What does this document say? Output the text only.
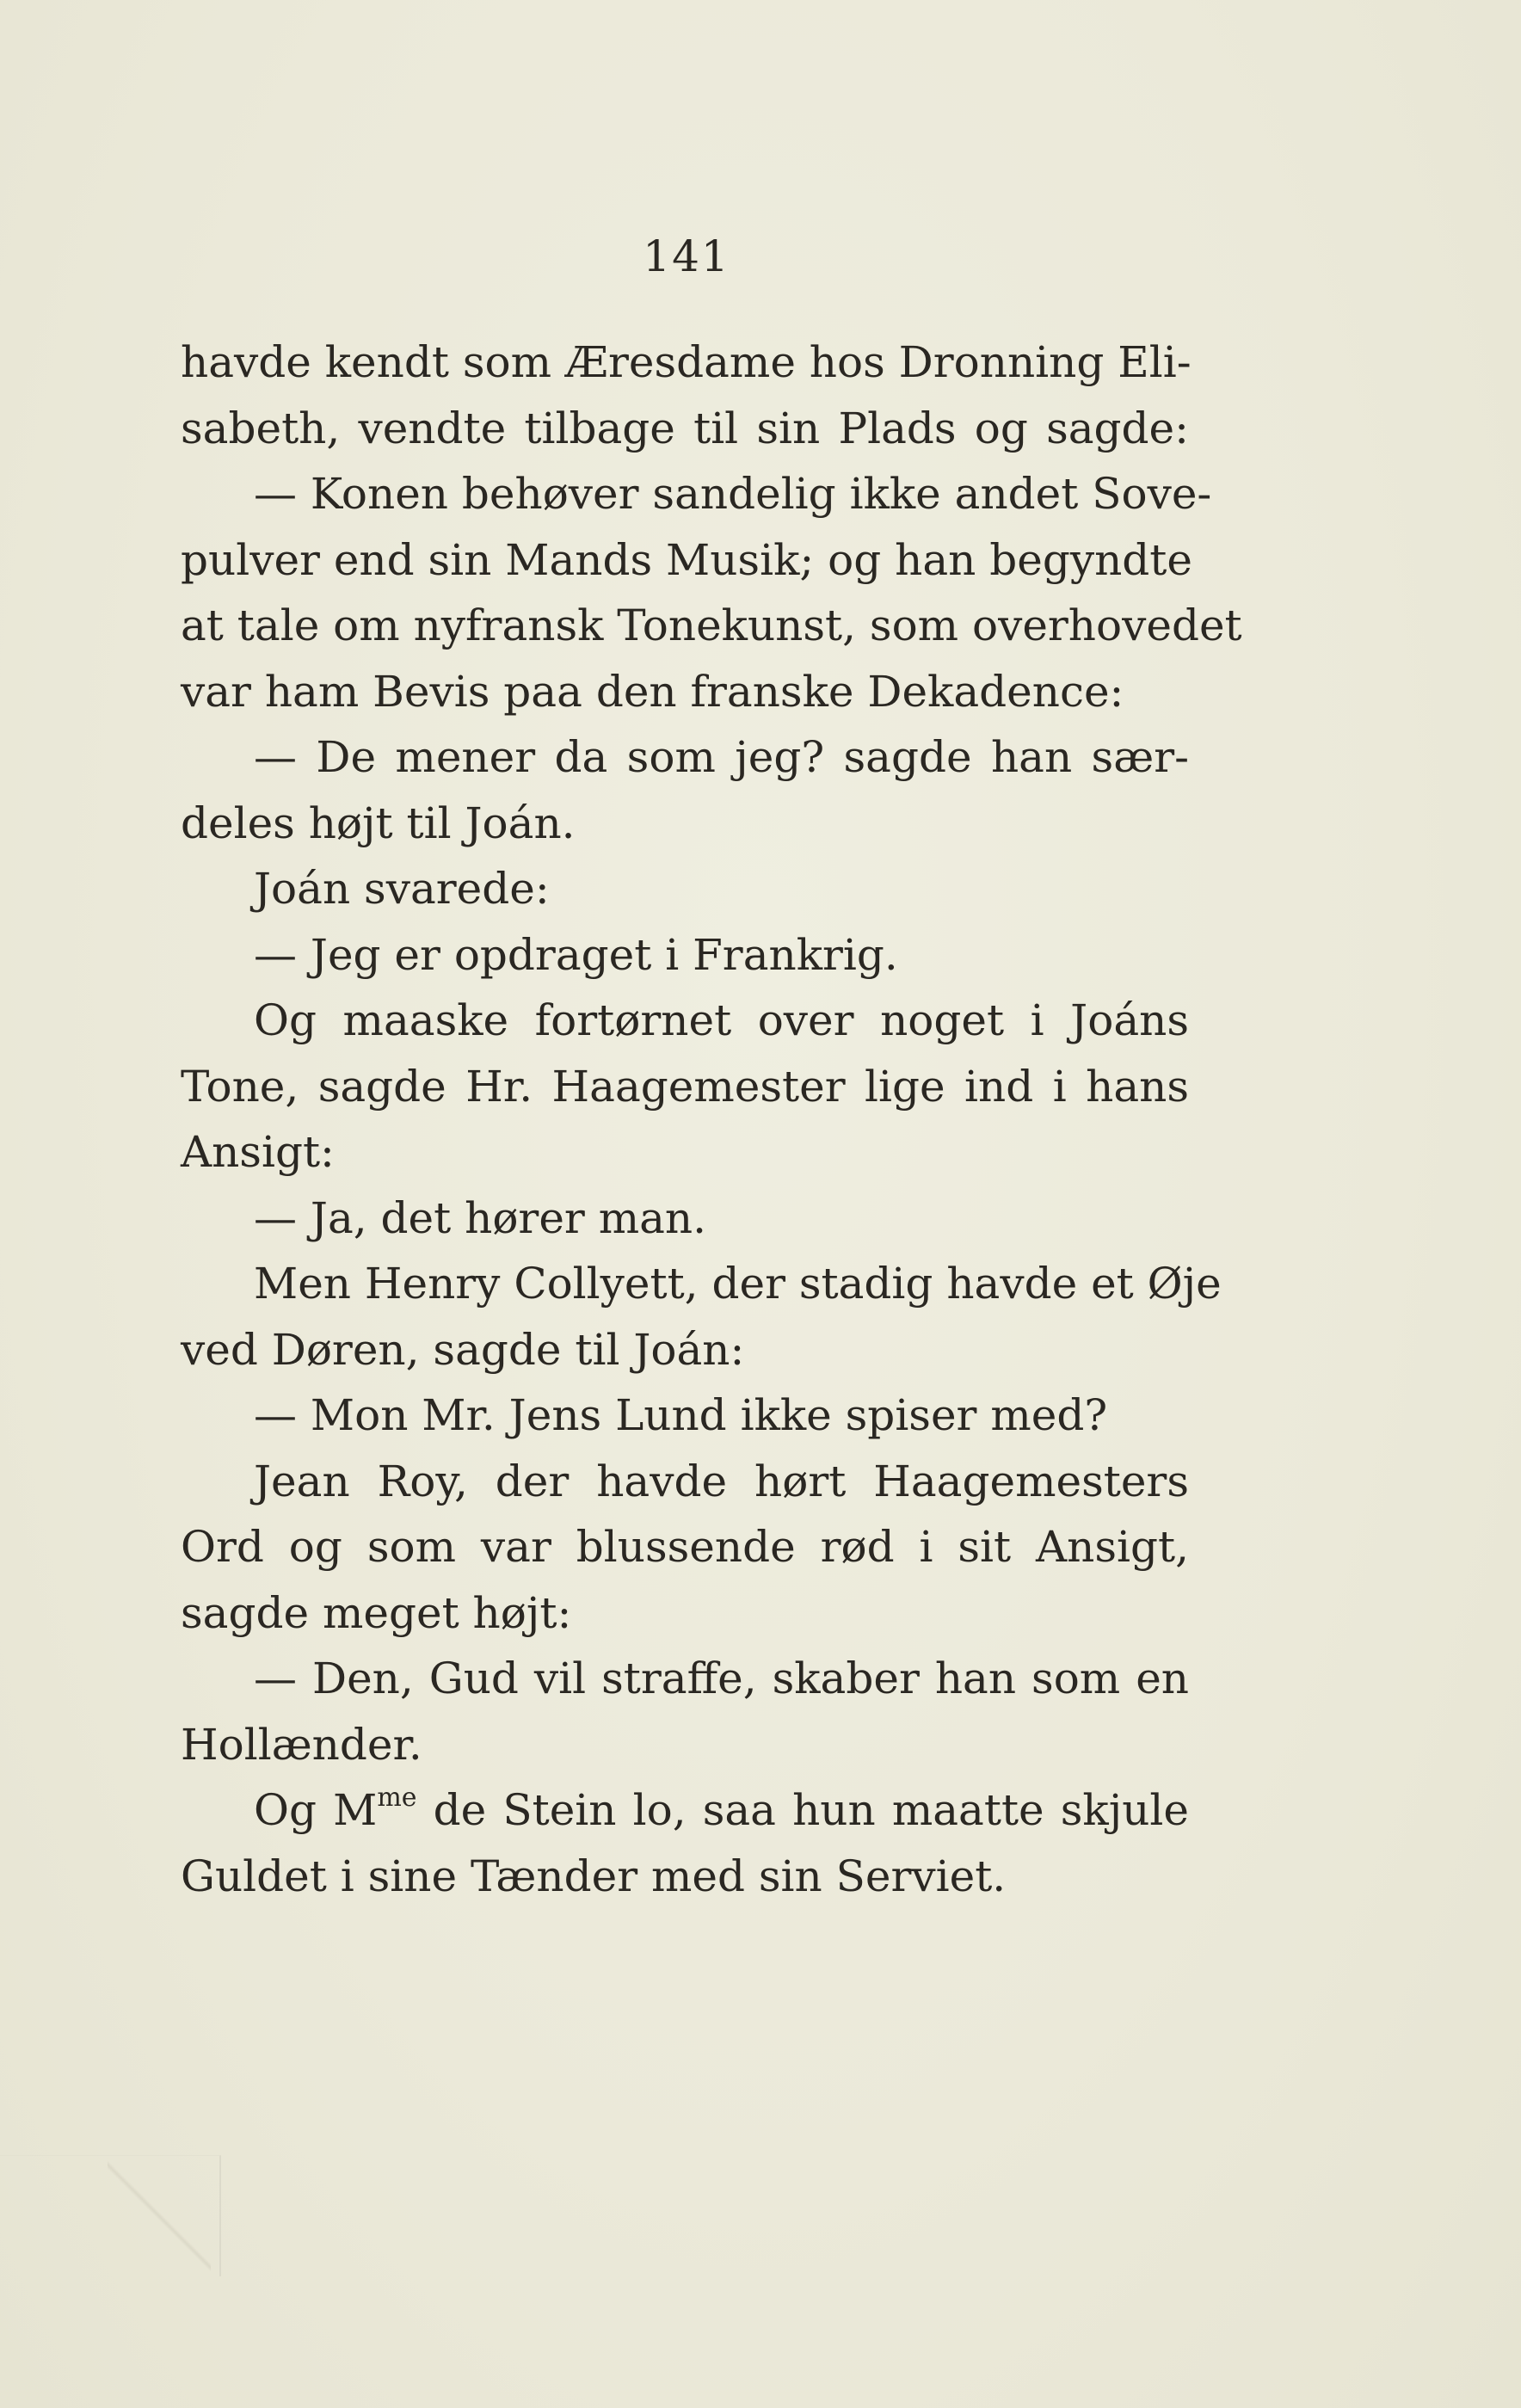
141
havde kendt som Æresdame hos Dronning Eli-
sabeth, vendte tilbage til sin Plads og sagde:
— Konen behøver sandelig ikke andet Sove-
pulver end sin Mands Musik; og han begyndte
at tale om nyfransk Tonekunst, som overhovedet
var ham Bevis paa den franske Dekadence:
— De mener da som jeg? sagde han sær-
deles højt til Joán.
Joán svarede:
— Jeg er opdraget i Frankrig.
Og maaske fortørnet over noget i Joáns
Tone, sagde Hr. Haagemester lige ind i hans
Ansigt:
— Ja, det hører man.
Men Henry Collyett, der stadig havde et Øje
ved Døren, sagde til Joán:
— Mon Mr. Jens Lund ikke spiser med?
Jean Roy, der havde hørt Haagemesters
Ord og som var blussende rød i sit Ansigt,
sagde meget højt:
— Den, Gud vil straffe, skaber han som en
Hollænder.
Og $M^{me}$ de Stein lo, saa hun maatte skjule
Guldet i sine Tænder med sin Serviet.
